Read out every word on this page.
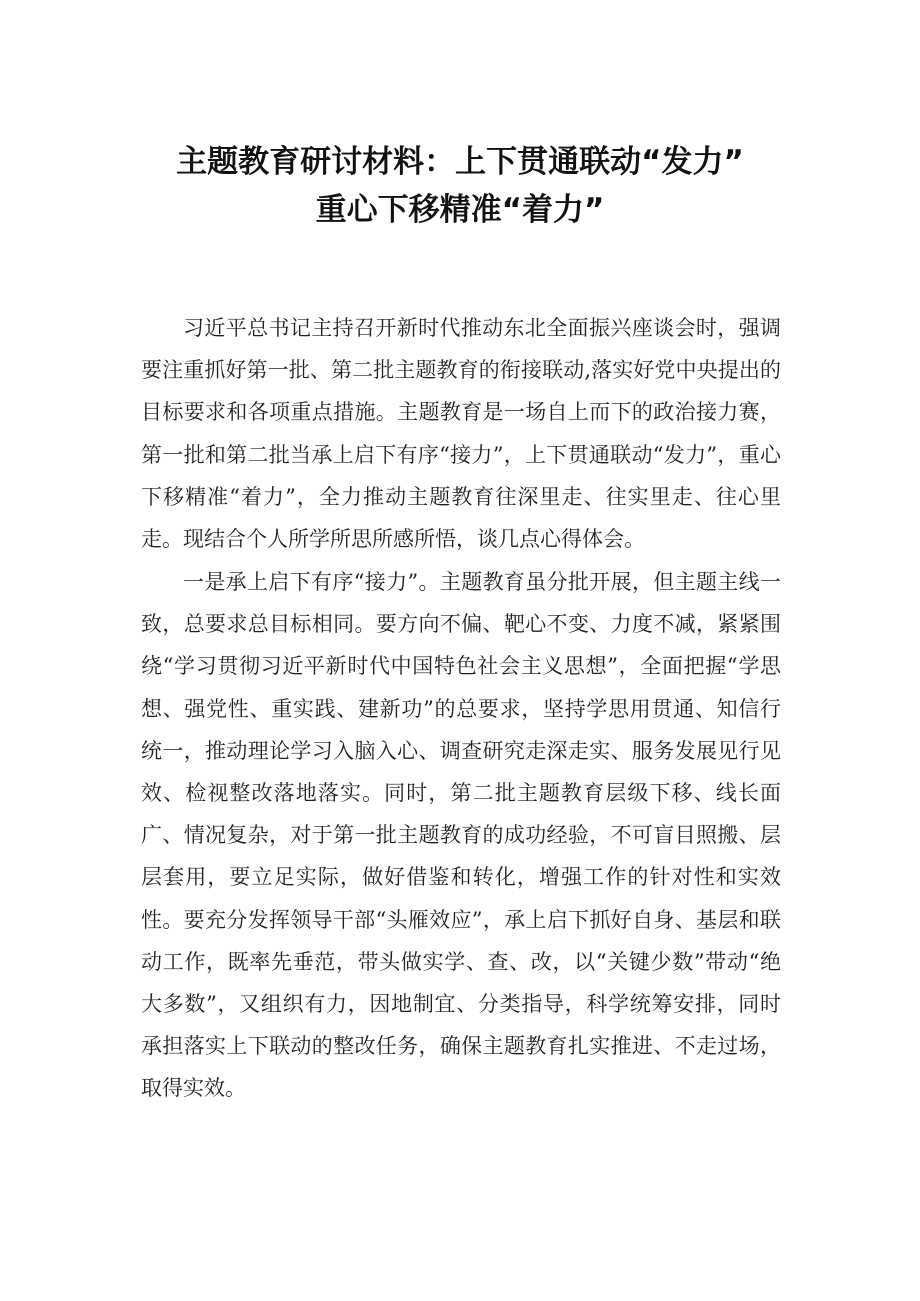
主题教育研讨材料：上下贯通联动“发力”
重心下移精准“着力”

习近平总书记主持召开新时代推动东北全面振兴座谈会时，强调要注重抓好第一批、第二批主题教育的衔接联动,落实好党中央提出的目标要求和各项重点措施。主题教育是一场自上而下的政治接力赛，第一批和第二批当承上启下有序“接力”，上下贯通联动“发力”，重心下移精准“着力”，全力推动主题教育往深里走、往实里走、往心里走。现结合个人所学所思所感所悟，谈几点心得体会。

一是承上启下有序“接力”。主题教育虽分批开展，但主题主线一致，总要求总目标相同。要方向不偏、靶心不变、力度不减，紧紧围绕“学习贯彻习近平新时代中国特色社会主义思想”，全面把握“学思想、强党性、重实践、建新功”的总要求，坚持学思用贯通、知信行统一，推动理论学习入脑入心、调查研究走深走实、服务发展见行见效、检视整改落地落实。同时，第二批主题教育层级下移、线长面广、情况复杂，对于第一批主题教育的成功经验，不可盲目照搬、层层套用，要立足实际，做好借鉴和转化，增强工作的针对性和实效性。要充分发挥领导干部“头雁效应”，承上启下抓好自身、基层和联动工作，既率先垂范，带头做实学、查、改，以“关键少数”带动“绝大多数”，又组织有力，因地制宜、分类指导，科学统筹安排，同时承担落实上下联动的整改任务，确保主题教育扎实推进、不走过场，取得实效。
